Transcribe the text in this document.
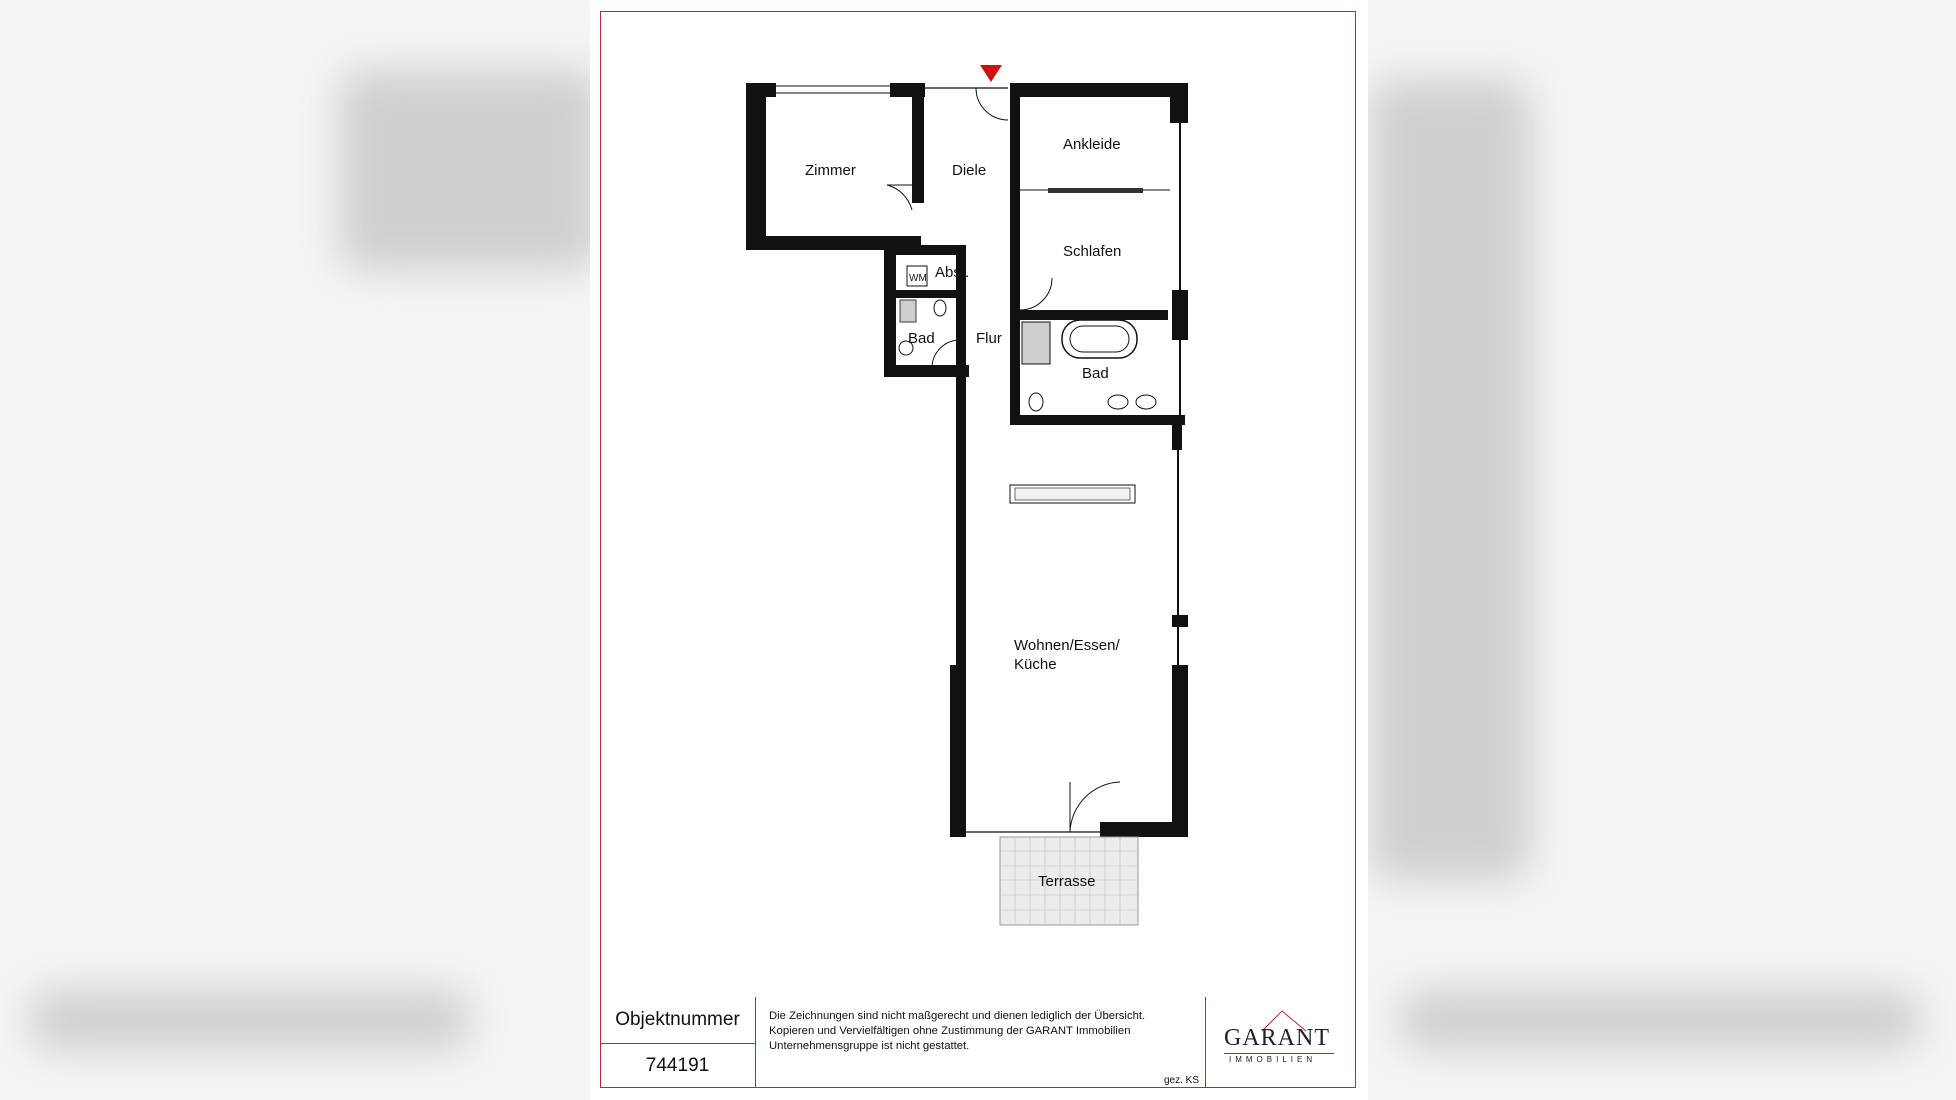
Zimmer	Diele
Ankleide
Schlafen
WM Abst.
Bad	Flur
Bad
Wohnen/Essen/
Küche
Terrasse
Objektnummer
744191
Die Zeichnungen sind nicht maßgerecht und dienen lediglich der Übersicht.
Kopieren und Vervielfältigen ohne Zustimmung der GARANT Immobilien
Unternehmensgruppe ist nicht gestattet.
gez. KS
GARANT
IMMOBILIEN
